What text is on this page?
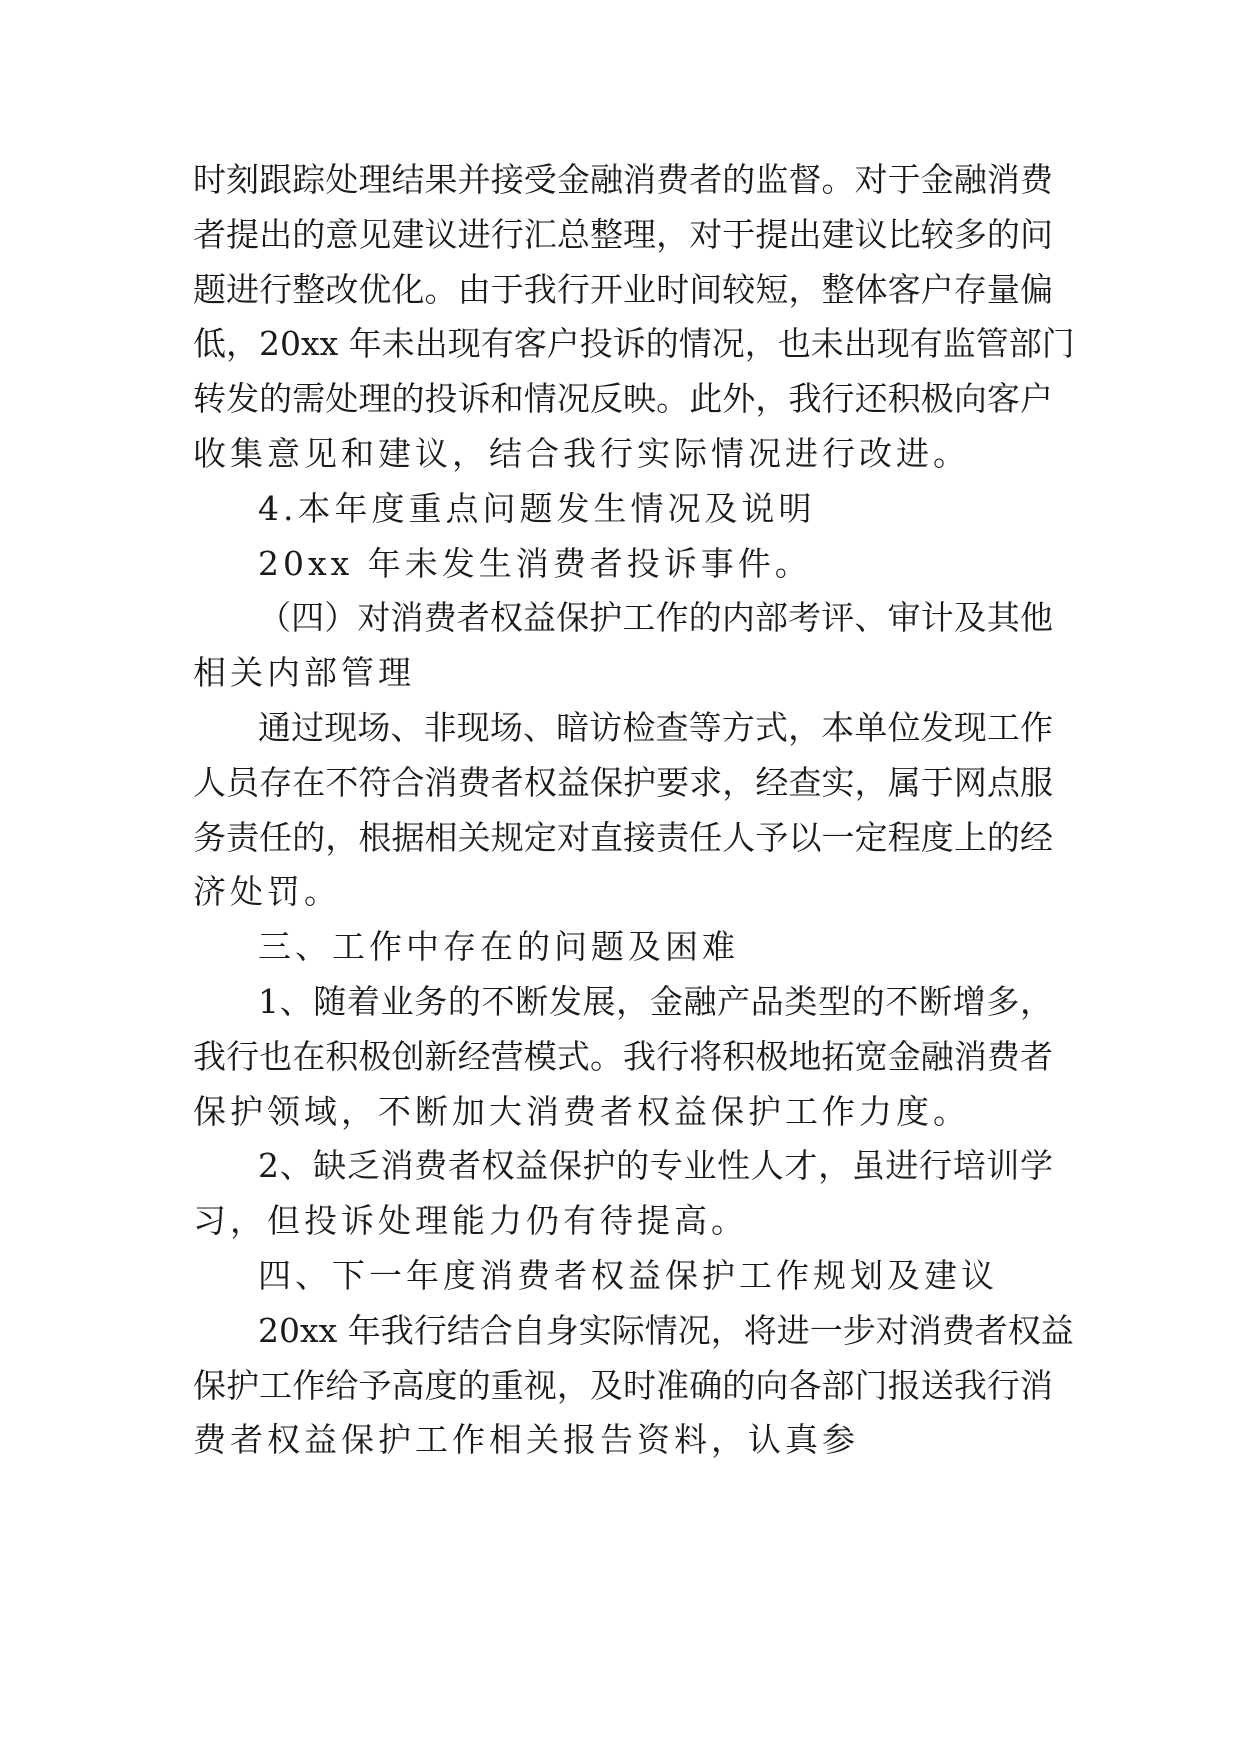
时刻跟踪处理结果并接受金融消费者的监督。对于金融消费
者提出的意见建议进行汇总整理，对于提出建议比较多的问
题进行整改优化。由于我行开业时间较短，整体客户存量偏
低，20xx 年未出现有客户投诉的情况，也未出现有监管部门
转发的需处理的投诉和情况反映。此外，我行还积极向客户
收集意见和建议，结合我行实际情况进行改进。
4.本年度重点问题发生情况及说明
20xx 年未发生消费者投诉事件。
（四）对消费者权益保护工作的内部考评、审计及其他
相关内部管理
通过现场、非现场、暗访检查等方式，本单位发现工作
人员存在不符合消费者权益保护要求，经查实，属于网点服
务责任的，根据相关规定对直接责任人予以一定程度上的经
济处罚。
三、工作中存在的问题及困难
1、随着业务的不断发展，金融产品类型的不断增多，
我行也在积极创新经营模式。我行将积极地拓宽金融消费者
保护领域，不断加大消费者权益保护工作力度。
2、缺乏消费者权益保护的专业性人才，虽进行培训学
习，但投诉处理能力仍有待提高。
四、下一年度消费者权益保护工作规划及建议
20xx 年我行结合自身实际情况，将进一步对消费者权益
保护工作给予高度的重视，及时准确的向各部门报送我行消
费者权益保护工作相关报告资料，认真参
